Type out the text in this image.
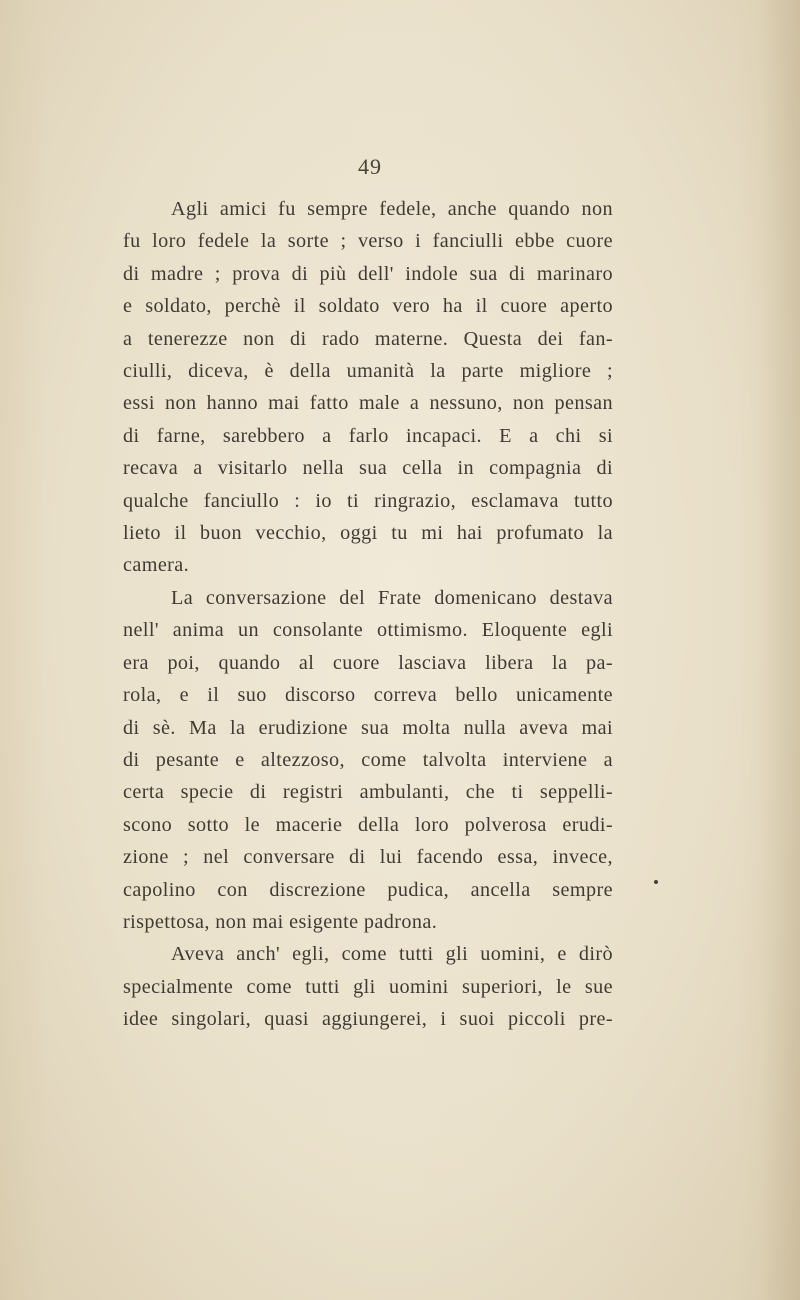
49
Agli amici fu sempre fedele, anche quando non
fu loro fedele la sorte ; verso i fanciulli ebbe cuore
di madre ; prova di più dell' indole sua di marinaro
e soldato, perchè il soldato vero ha il cuore aperto
a tenerezze non di rado materne. Questa dei fan-
ciulli, diceva, è della umanità la parte migliore ;
essi non hanno mai fatto male a nessuno, non pensan
di farne, sarebbero a farlo incapaci. E a chi si
recava a visitarlo nella sua cella in compagnia di
qualche fanciullo : io ti ringrazio, esclamava tutto
lieto il buon vecchio, oggi tu mi hai profumato la
camera.
La conversazione del Frate domenicano destava
nell' anima un consolante ottimismo. Eloquente egli
era poi, quando al cuore lasciava libera la pa-
rola, e il suo discorso correva bello unicamente
di sè. Ma la erudizione sua molta nulla aveva mai
di pesante e altezzoso, come talvolta interviene a
certa specie di registri ambulanti, che ti seppelli-
scono sotto le macerie della loro polverosa erudi-
zione ; nel conversare di lui facendo essa, invece,
capolino con discrezione pudica, ancella sempre
rispettosa, non mai esigente padrona.
Aveva anch' egli, come tutti gli uomini, e dirò
specialmente come tutti gli uomini superiori, le sue
idee singolari, quasi aggiungerei, i suoi piccoli pre-
